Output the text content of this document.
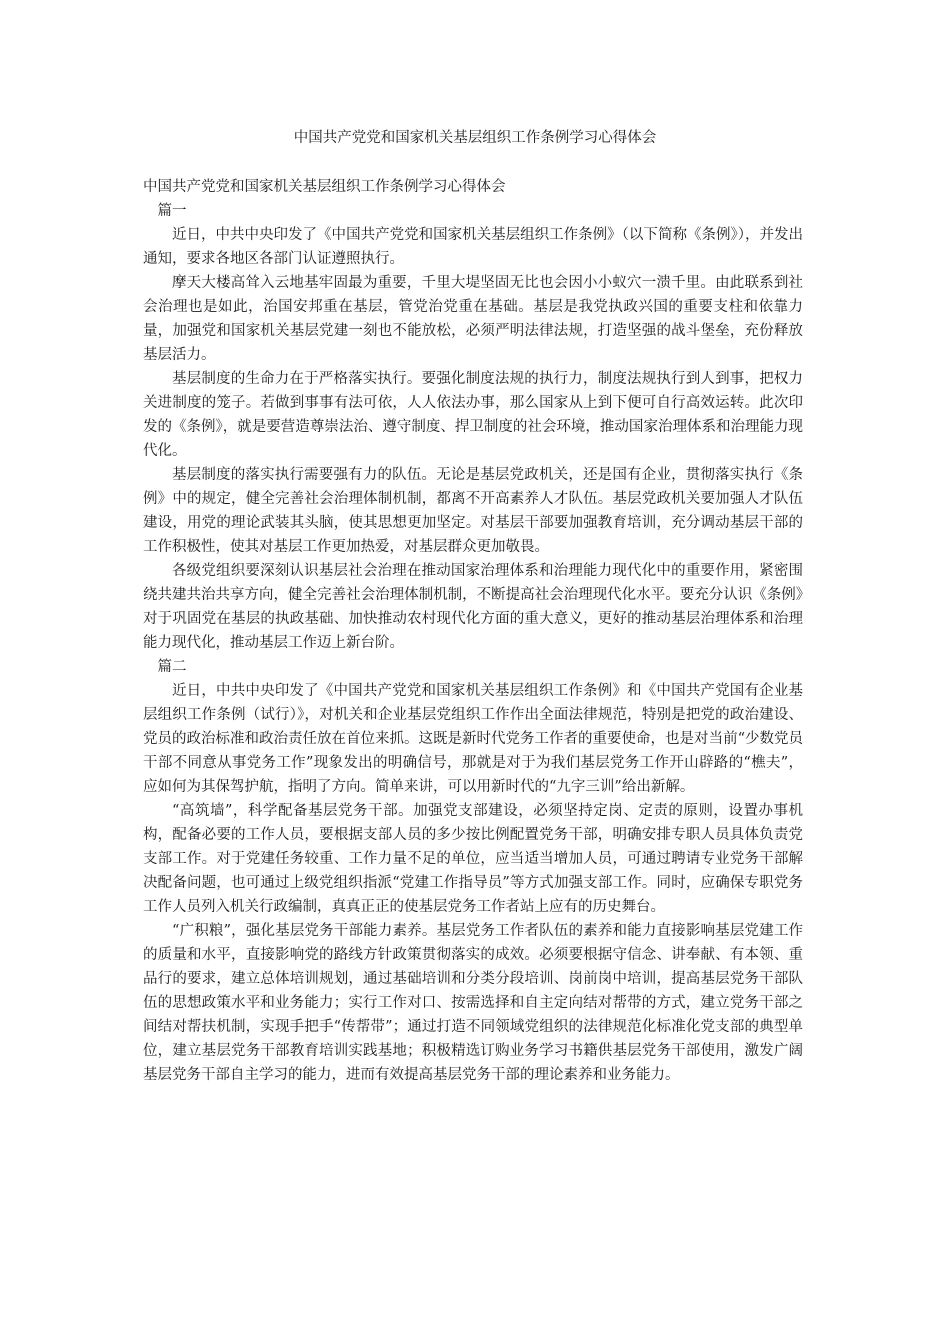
中国共产党党和国家机关基层组织工作条例学习心得体会

中国共产党党和国家机关基层组织工作条例学习心得体会

篇一

近日，中共中央印发了《中国共产党党和国家机关基层组织工作条例》（以下简称《条例》），并发出通知，要求各地区各部门认证遵照执行。

摩天大楼高耸入云地基牢固最为重要，千里大堤坚固无比也会因小小蚁穴一溃千里。由此联系到社会治理也是如此，治国安邦重在基层，管党治党重在基础。基层是我党执政兴国的重要支柱和依靠力量，加强党和国家机关基层党建一刻也不能放松，必须严明法律法规，打造坚强的战斗堡垒，充份释放基层活力。

基层制度的生命力在于严格落实执行。要强化制度法规的执行力，制度法规执行到人到事，把权力关进制度的笼子。若做到事事有法可依，人人依法办事，那么国家从上到下便可自行高效运转。此次印发的《条例》，就是要营造尊崇法治、遵守制度、捍卫制度的社会环境，推动国家治理体系和治理能力现代化。

基层制度的落实执行需要强有力的队伍。无论是基层党政机关，还是国有企业，贯彻落实执行《条例》中的规定，健全完善社会治理体制机制，都离不开高素养人才队伍。基层党政机关要加强人才队伍建设，用党的理论武装其头脑，使其思想更加坚定。对基层干部要加强教育培训，充分调动基层干部的工作积极性，使其对基层工作更加热爱，对基层群众更加敬畏。

各级党组织要深刻认识基层社会治理在推动国家治理体系和治理能力现代化中的重要作用，紧密围绕共建共治共享方向，健全完善社会治理体制机制，不断提高社会治理现代化水平。要充分认识《条例》对于巩固党在基层的执政基础、加快推动农村现代化方面的重大意义，更好的推动基层治理体系和治理能力现代化，推动基层工作迈上新台阶。

篇二

近日，中共中央印发了《中国共产党党和国家机关基层组织工作条例》和《中国共产党国有企业基层组织工作条例（试行）》，对机关和企业基层党组织工作作出全面法律规范，特别是把党的政治建设、党员的政治标准和政治责任放在首位来抓。这既是新时代党务工作者的重要使命，也是对当前“少数党员干部不同意从事党务工作”现象发出的明确信号，那就是对于为我们基层党务工作开山辟路的“樵夫”，应如何为其保驾护航，指明了方向。简单来讲，可以用新时代的“九字三训”给出新解。

“高筑墙”，科学配备基层党务干部。加强党支部建设，必须坚持定岗、定责的原则，设置办事机构，配备必要的工作人员，要根据支部人员的多少按比例配置党务干部，明确安排专职人员具体负责党支部工作。对于党建任务较重、工作力量不足的单位，应当适当增加人员，可通过聘请专业党务干部解决配备问题，也可通过上级党组织指派“党建工作指导员”等方式加强支部工作。同时，应确保专职党务工作人员列入机关行政编制，真真正正的使基层党务工作者站上应有的历史舞台。

“广积粮”，强化基层党务干部能力素养。基层党务工作者队伍的素养和能力直接影响基层党建工作的质量和水平，直接影响党的路线方针政策贯彻落实的成效。必须要根据守信念、讲奉献、有本领、重品行的要求，建立总体培训规划，通过基础培训和分类分段培训、岗前岗中培训，提高基层党务干部队伍的思想政策水平和业务能力；实行工作对口、按需选择和自主定向结对帮带的方式，建立党务干部之间结对帮扶机制，实现手把手“传帮带”；通过打造不同领域党组织的法律规范化标准化党支部的典型单位，建立基层党务干部教育培训实践基地；积极精选订购业务学习书籍供基层党务干部使用，激发广阔基层党务干部自主学习的能力，进而有效提高基层党务干部的理论素养和业务能力。
